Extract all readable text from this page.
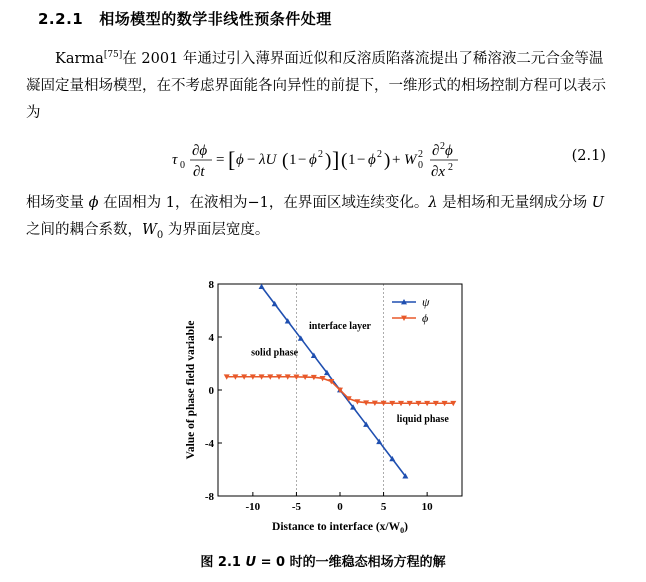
2.2.1 相场模型的数学非线性预条件处理

Karma[75]在 2001 年通过引入薄界面近似和反溶质陷落流提出了稀溶液二元合金等温凝固定量相场模型，在不考虑界面能各向异性的前提下，一维形式的相场控制方程可以表示为

τ 0
∂ϕ
∂t
= [ ϕ − λU ( 1 − ϕ 2 ) ] ( 1 − ϕ 2 ) + W 0
2 ∂ 2 ϕ
∂x 2
(2.1)

相场变量 ϕ 在固相为 1，在液相为−1，在界面区域连续变化。λ 是相场和无量纲成分场 U 之间的耦合系数，$W_0$ 为界面层宽度。

-10	-5	0	5	10
-8
-4
0
4
8
Distance to interface $(x/W_0)$
Value of phase field variable	interface layer
solid phase
liquid phase
ψ
ϕ
图 2.1 U = 0 时的一维稳态相场方程的解
